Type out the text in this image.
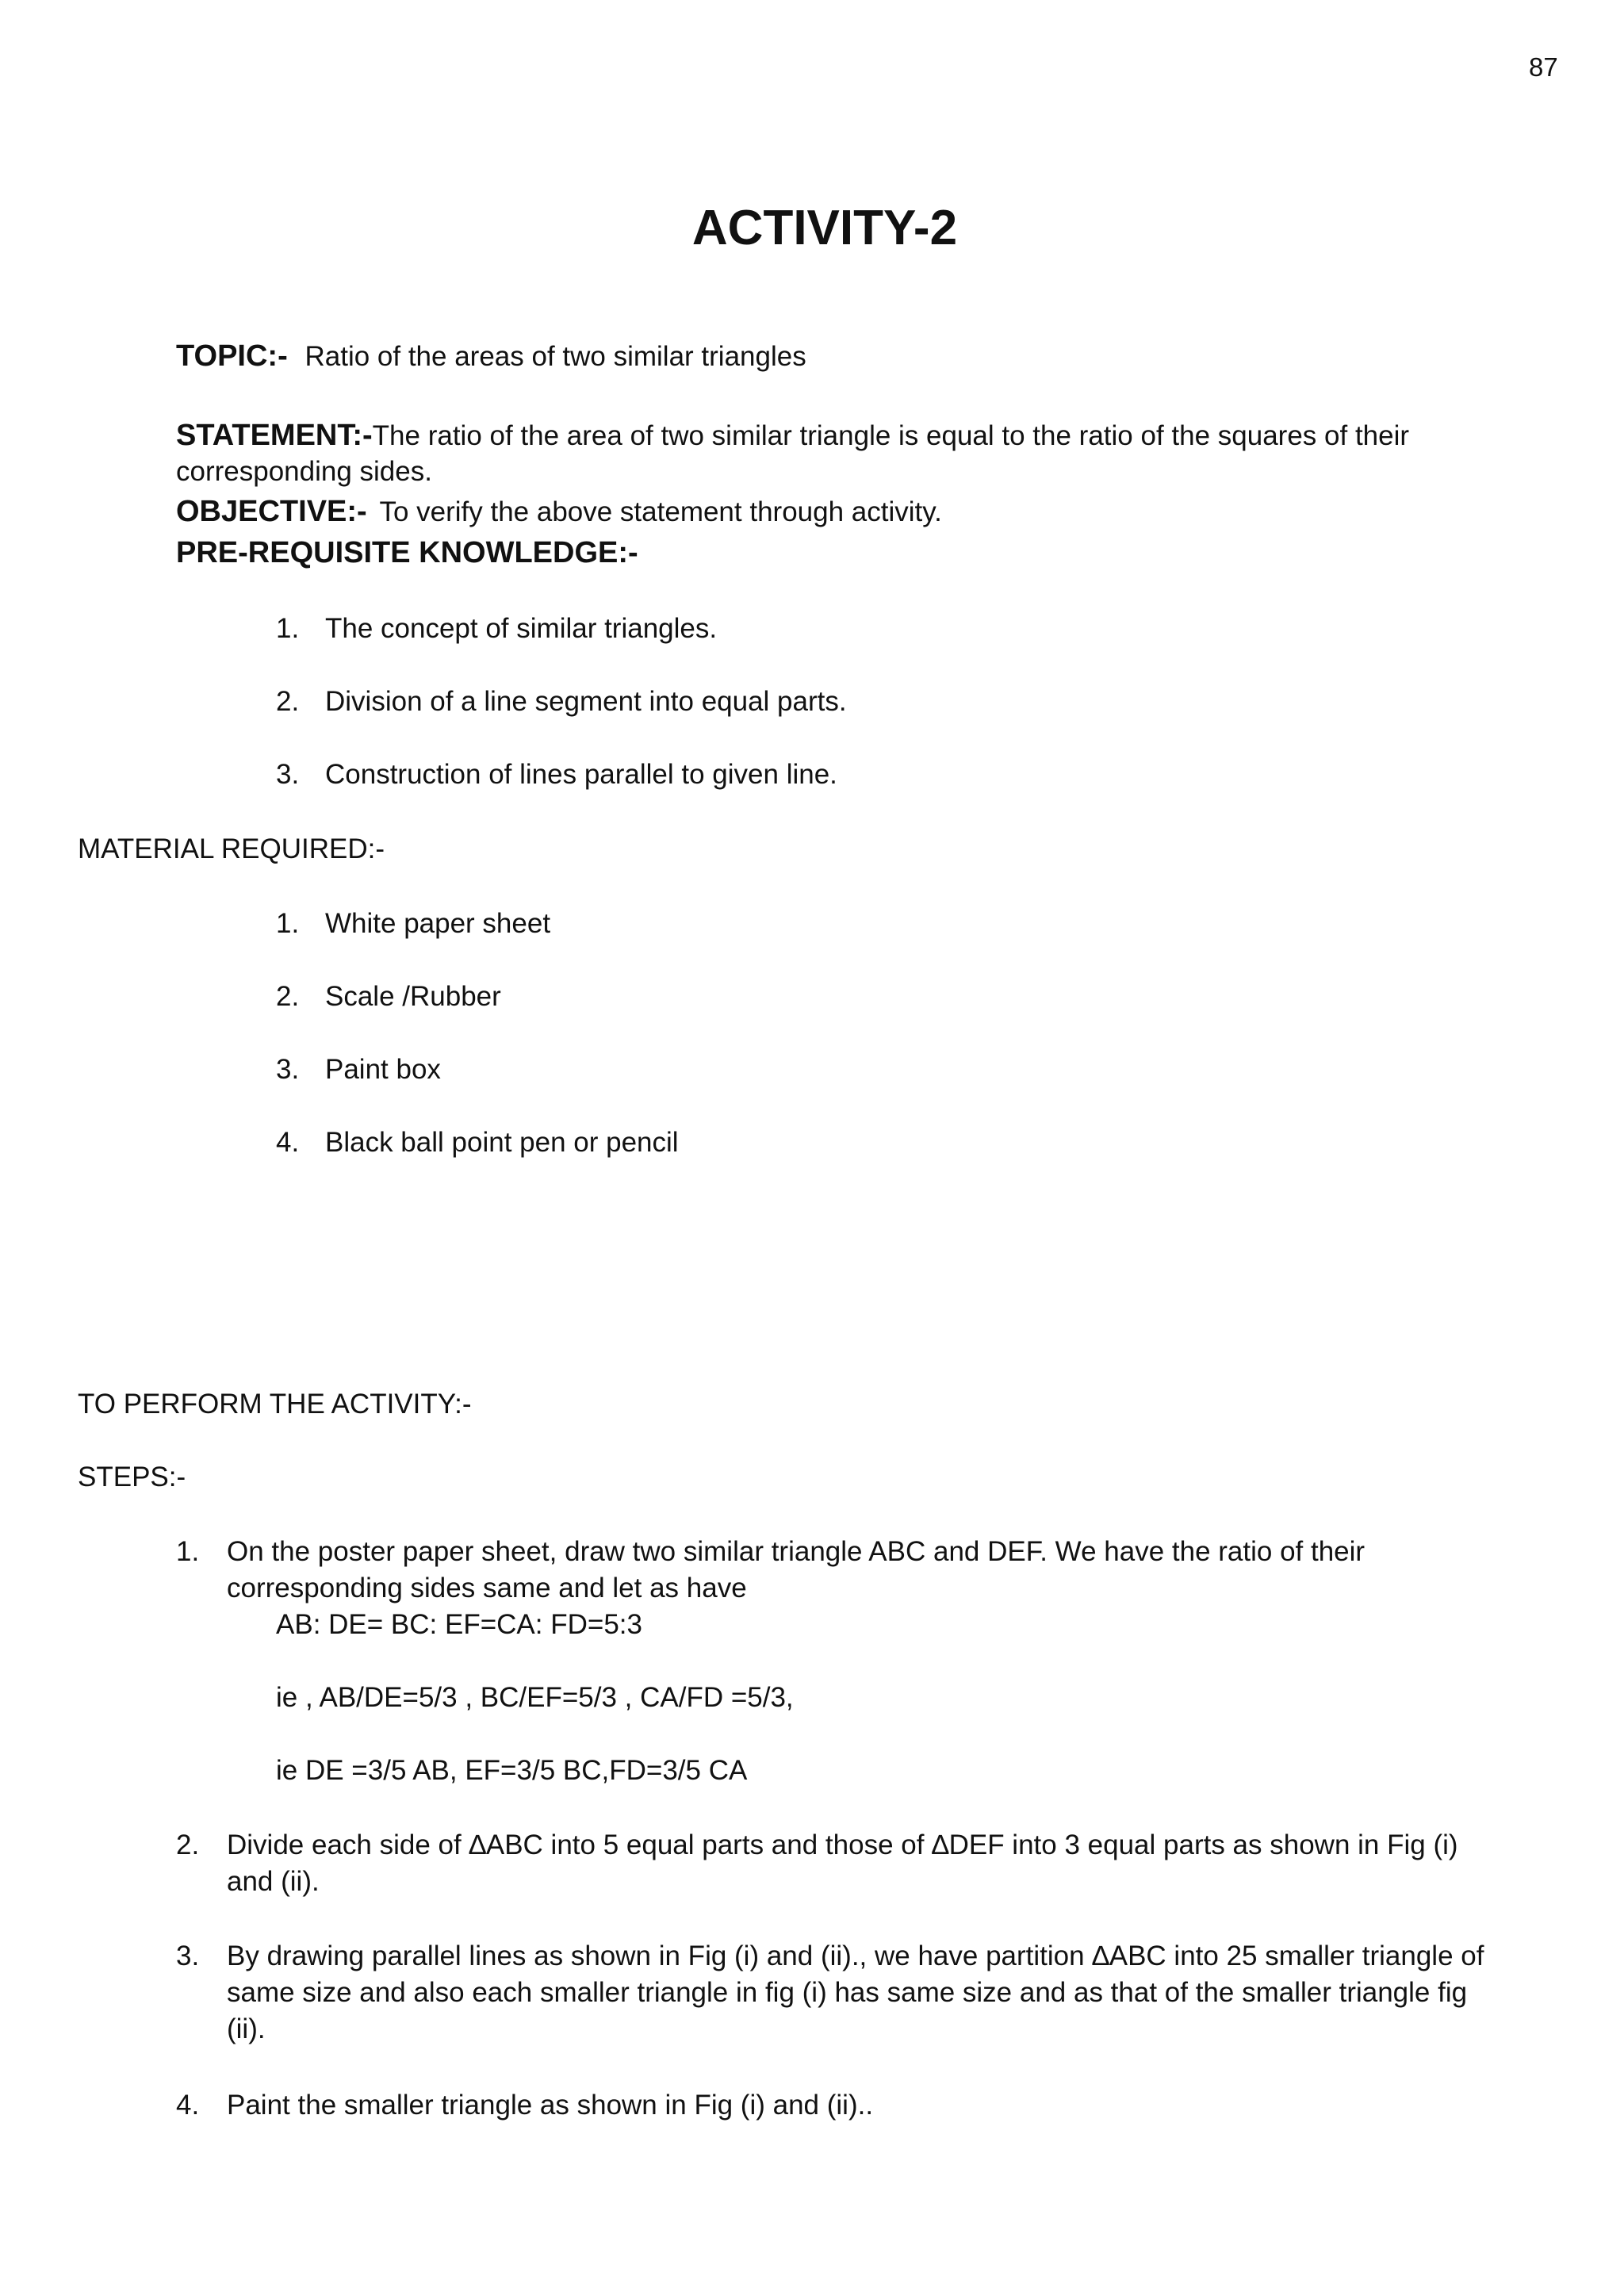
87
ACTIVITY-2
TOPIC:- Ratio of the areas of two similar triangles
STATEMENT:-The ratio of the area of two similar triangle is equal to the ratio of the squares of their
corresponding sides.
OBJECTIVE:- To verify the above statement through activity.
PRE-REQUISITE KNOWLEDGE:-
1. The concept of similar triangles.
2. Division of a line segment into equal parts.
3. Construction of lines parallel to given line.
MATERIAL REQUIRED:-
1. White paper sheet
2. Scale /Rubber
3. Paint box
4. Black ball point pen or pencil
TO PERFORM THE ACTIVITY:-
STEPS:-
1. On the poster paper sheet, draw two similar triangle ABC and DEF. We have the ratio of their
corresponding sides same and let as have
AB: DE= BC: EF=CA: FD=5:3
ie , AB/DE=5/3 , BC/EF=5/3 , CA/FD =5/3,
ie DE =3/5 AB, EF=3/5 BC,FD=3/5 CA
2. Divide each side of ∆ABC into 5 equal parts and those of ∆DEF into 3 equal parts as shown in Fig (i)
and (ii).
3. By drawing parallel lines as shown in Fig (i) and (ii)., we have partition ∆ABC into 25 smaller triangle of
same size and also each smaller triangle in fig (i) has same size and as that of the smaller triangle fig
(ii).
4. Paint the smaller triangle as shown in Fig (i) and (ii)..
